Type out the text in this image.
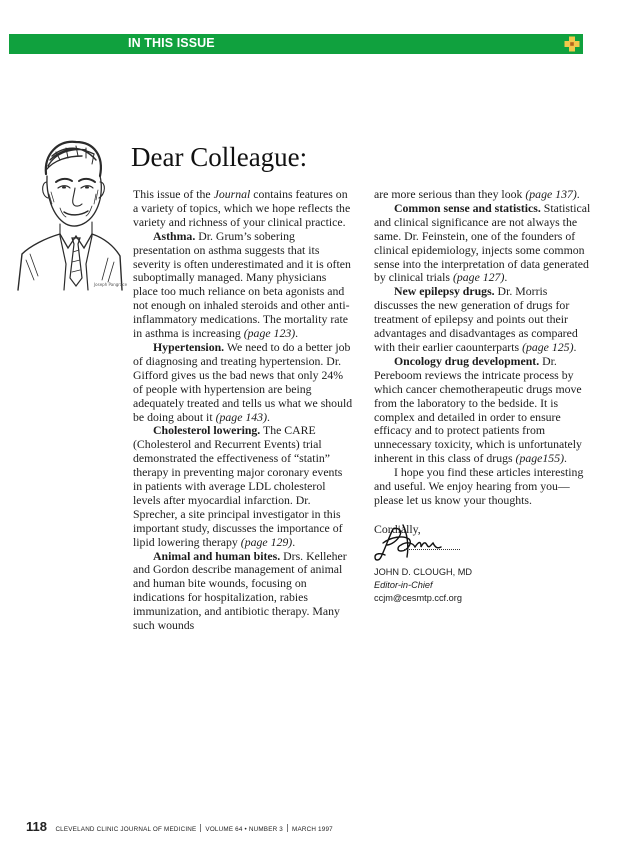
IN THIS ISSUE
Joseph Pangrace
Dear Colleague:

This issue of the Journal contains features on a variety of topics, which we hope reflects the variety and richness of your clinical practice.

Asthma. Dr. Grum’s sobering presentation on asthma suggests that its severity is often underestimated and it is often suboptimally managed. Many physicians place too much reliance on beta agonists and not enough on inhaled steroids and other anti-inflammatory medications. The mortality rate in asthma is increasing (page 123).

Hypertension. We need to do a better job of diagnosing and treating hypertension. Dr. Gifford gives us the bad news that only 24% of people with hypertension are being adequately treated and tells us what we should be doing about it (page 143).

Cholesterol lowering. The CARE (Cholesterol and Recurrent Events) trial demonstrated the effectiveness of “statin” therapy in preventing major coronary events in patients with average LDL cholesterol levels after myocardial infarction. Dr. Sprecher, a site principal investigator in this important study, discusses the importance of lipid lowering therapy (page 129).

Animal and human bites. Drs. Kelleher and Gordon describe management of animal and human bite wounds, focusing on indications for hospitalization, rabies immunization, and antibiotic therapy. Many such wounds

are more serious than they look (page 137).

Common sense and statistics. Statistical and clinical significance are not always the same. Dr. Feinstein, one of the founders of clinical epidemiology, injects some common sense into the interpretation of data generated by clinical trials (page 127).

New epilepsy drugs. Dr. Morris discusses the new generation of drugs for treatment of epilepsy and points out their advantages and disadvantages as compared with their earlier caounterparts (page 125).

Oncology drug development. Dr. Pereboom reviews the intricate process by which cancer chemotherapeutic drugs move from the laboratory to the bedside. It is complex and detailed in order to ensure efficacy and to protect patients from unnecessary toxicity, which is unfortunately inherent in this class of drugs (page155).

I hope you find these articles interesting and useful. We enjoy hearing from you—please let us know your thoughts.

Cordially,

JOHN D. CLOUGH, MD
Editor-in-Chief
ccjm@cesmtp.ccf.org
118 CLEVELAND CLINIC JOURNAL OF MEDICINE VOLUME 64 • NUMBER 3 MARCH 1997
